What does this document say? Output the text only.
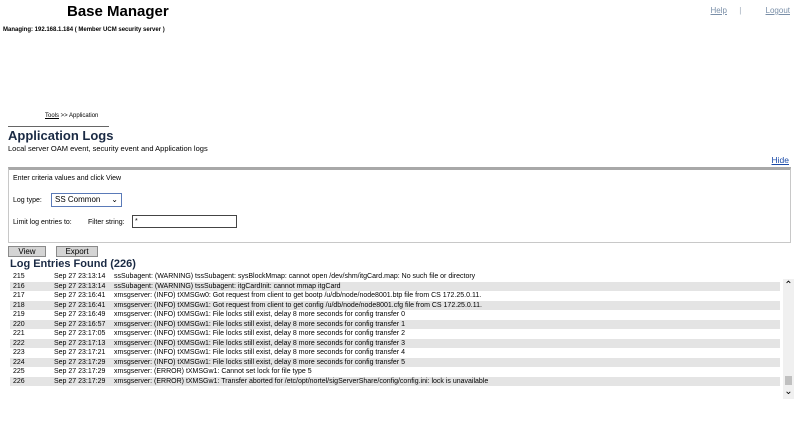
Base Manager	Help |	Logout
Managing: 192.168.1.184 ( Member UCM security server )
Tools >> Application
Application Logs
Local server OAM event, security event and Application logs
Hide
Enter criteria values and click View
Log type:	SS Common ⌄
Limit log entries to: Filter string:
*
View	Export
Log Entries Found (226)
215	Sep 27 23:13:14 ssSubagent: (WARNING) tssSubagent: sysBlockMmap: cannot open /dev/shm/itgCard.map: No such file or directory
216	Sep 27 23:13:14 ssSubagent: (WARNING) tssSubagent: itgCardInit: cannot mmap itgCard
217	Sep 27 23:16:41 xmsgserver: (INFO) tXMSGw0: Got request from client to get bootp /u/db/node/node8001.btp file from CS 172.25.0.11.
218	Sep 27 23:16:41 xmsgserver: (INFO) tXMSGw1: Got request from client to get config /u/db/node/node8001.cfg file from CS 172.25.0.11.
219	Sep 27 23:16:49 xmsgserver: (INFO) tXMSGw1: File locks still exist, delay 8 more seconds for config transfer 0
220	Sep 27 23:16:57 xmsgserver: (INFO) tXMSGw1: File locks still exist, delay 8 more seconds for config transfer 1
221	Sep 27 23:17:05 xmsgserver: (INFO) tXMSGw1: File locks still exist, delay 8 more seconds for config transfer 2
222	Sep 27 23:17:13 xmsgserver: (INFO) tXMSGw1: File locks still exist, delay 8 more seconds for config transfer 3
223	Sep 27 23:17:21 xmsgserver: (INFO) tXMSGw1: File locks still exist, delay 8 more seconds for config transfer 4
224	Sep 27 23:17:29 xmsgserver: (INFO) tXMSGw1: File locks still exist, delay 8 more seconds for config transfer 5
225	Sep 27 23:17:29 xmsgserver: (ERROR) tXMSGw1: Cannot set lock for file type 5
226	Sep 27 23:17:29 xmsgserver: (ERROR) tXMSGw1: Transfer aborted for /etc/opt/nortel/sigServerShare/config/config.ini: lock is unavailable
⌃
⌄
